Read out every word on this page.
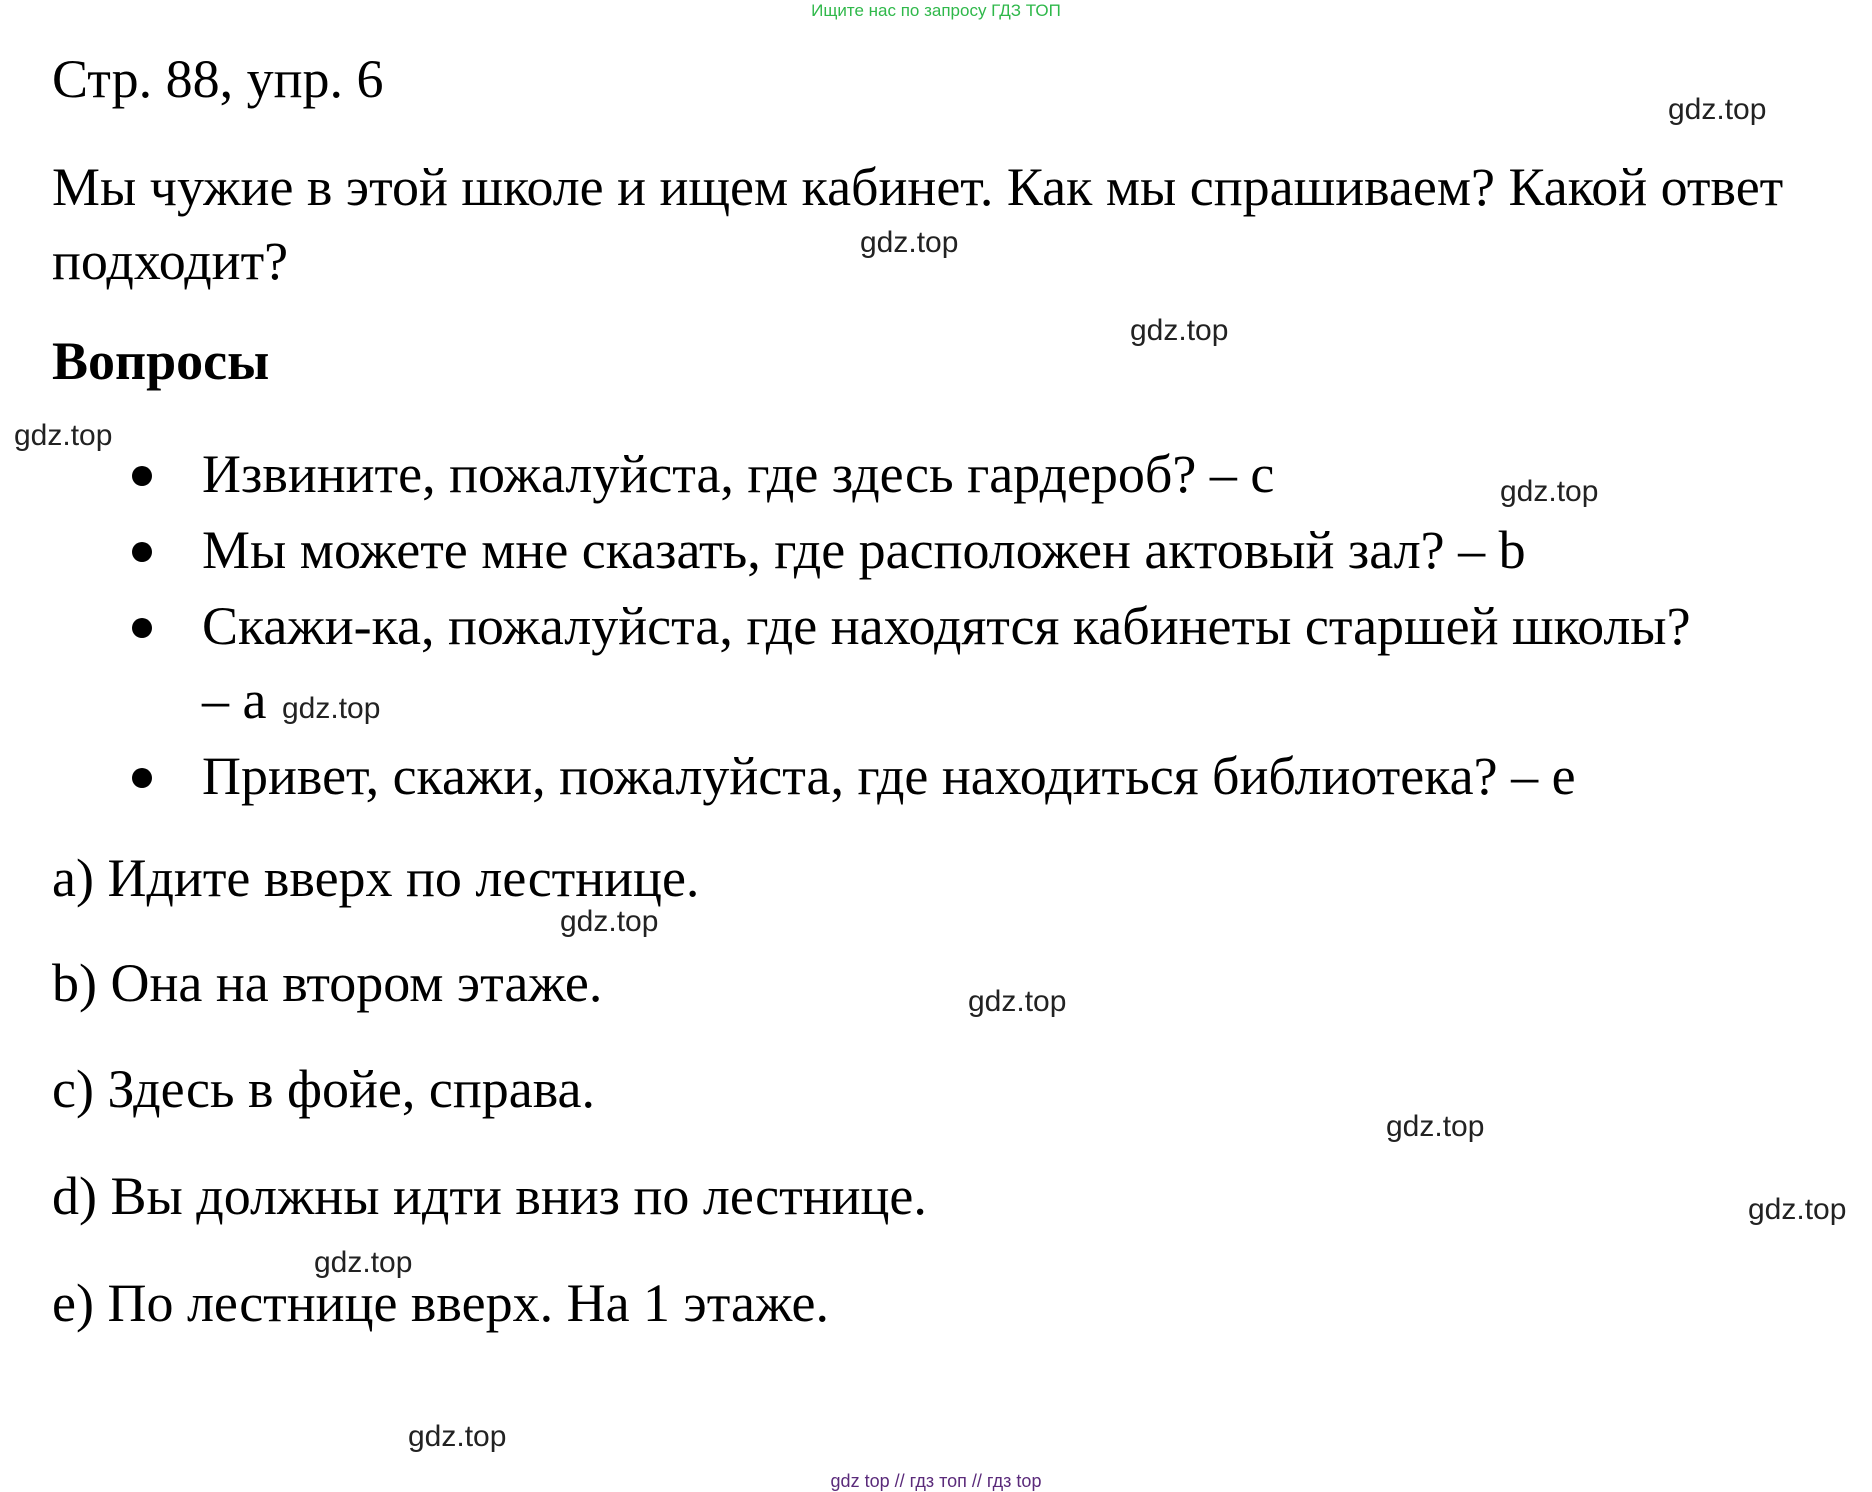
Ищите нас по запросу ГДЗ ТОП
Стр. 88, упр. 6

Мы чужие в этой школе и ищем кабинет. Как мы спрашиваем? Какой ответ подходит?

Вопросы
Извините, пожалуйста, где здесь гардероб? – c
Мы можете мне сказать, где расположен актовый зал? – b
Скажи-ка, пожалуйста, где находятся кабинеты старшей школы?
– a
Привет, скажи, пожалуйста, где находиться библиотека? – e
a) Идите вверх по лестнице.
b) Она на втором этаже.
c) Здесь в фойе, справа.
d) Вы должны идти вниз по лестнице.
e) По лестнице вверх. На 1 этаже.
gdz.top
gdz.top
gdz.top
gdz.top
gdz.top
gdz.top
gdz.top
gdz.top
gdz.top
gdz.top
gdz.top
gdz.top
gdz top // гдз топ // гдз top
